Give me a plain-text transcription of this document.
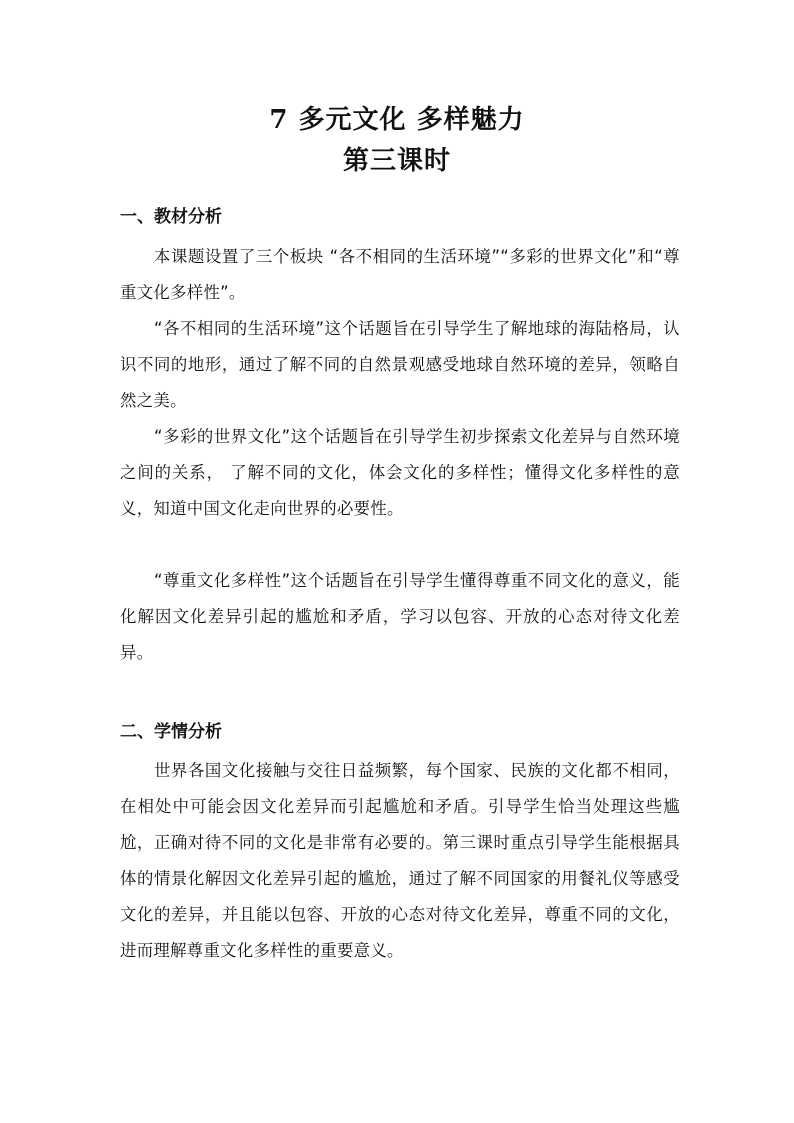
7 多元文化 多样魅力
第三课时
一、教材分析

本课题设置了三个板块 “各不相同的生活环境”“多彩的世界文化”和“尊重文化多样性”。

“各不相同的生活环境”这个话题旨在引导学生了解地球的海陆格局，认识不同的地形，通过了解不同的自然景观感受地球自然环境的差异，领略自然之美。

“多彩的世界文化”这个话题旨在引导学生初步探索文化差异与自然环境之间的关系， 了解不同的文化，体会文化的多样性；懂得文化多样性的意义，知道中国文化走向世界的必要性。

“尊重文化多样性”这个话题旨在引导学生懂得尊重不同文化的意义，能化解因文化差异引起的尴尬和矛盾，学习以包容、开放的心态对待文化差异。

二、学情分析

世界各国文化接触与交往日益频繁，每个国家、民族的文化都不相同，在相处中可能会因文化差异而引起尴尬和矛盾。引导学生恰当处理这些尴尬，正确对待不同的文化是非常有必要的。第三课时重点引导学生能根据具体的情景化解因文化差异引起的尴尬，通过了解不同国家的用餐礼仪等感受文化的差异，并且能以包容、开放的心态对待文化差异，尊重不同的文化，进而理解尊重文化多样性的重要意义。
